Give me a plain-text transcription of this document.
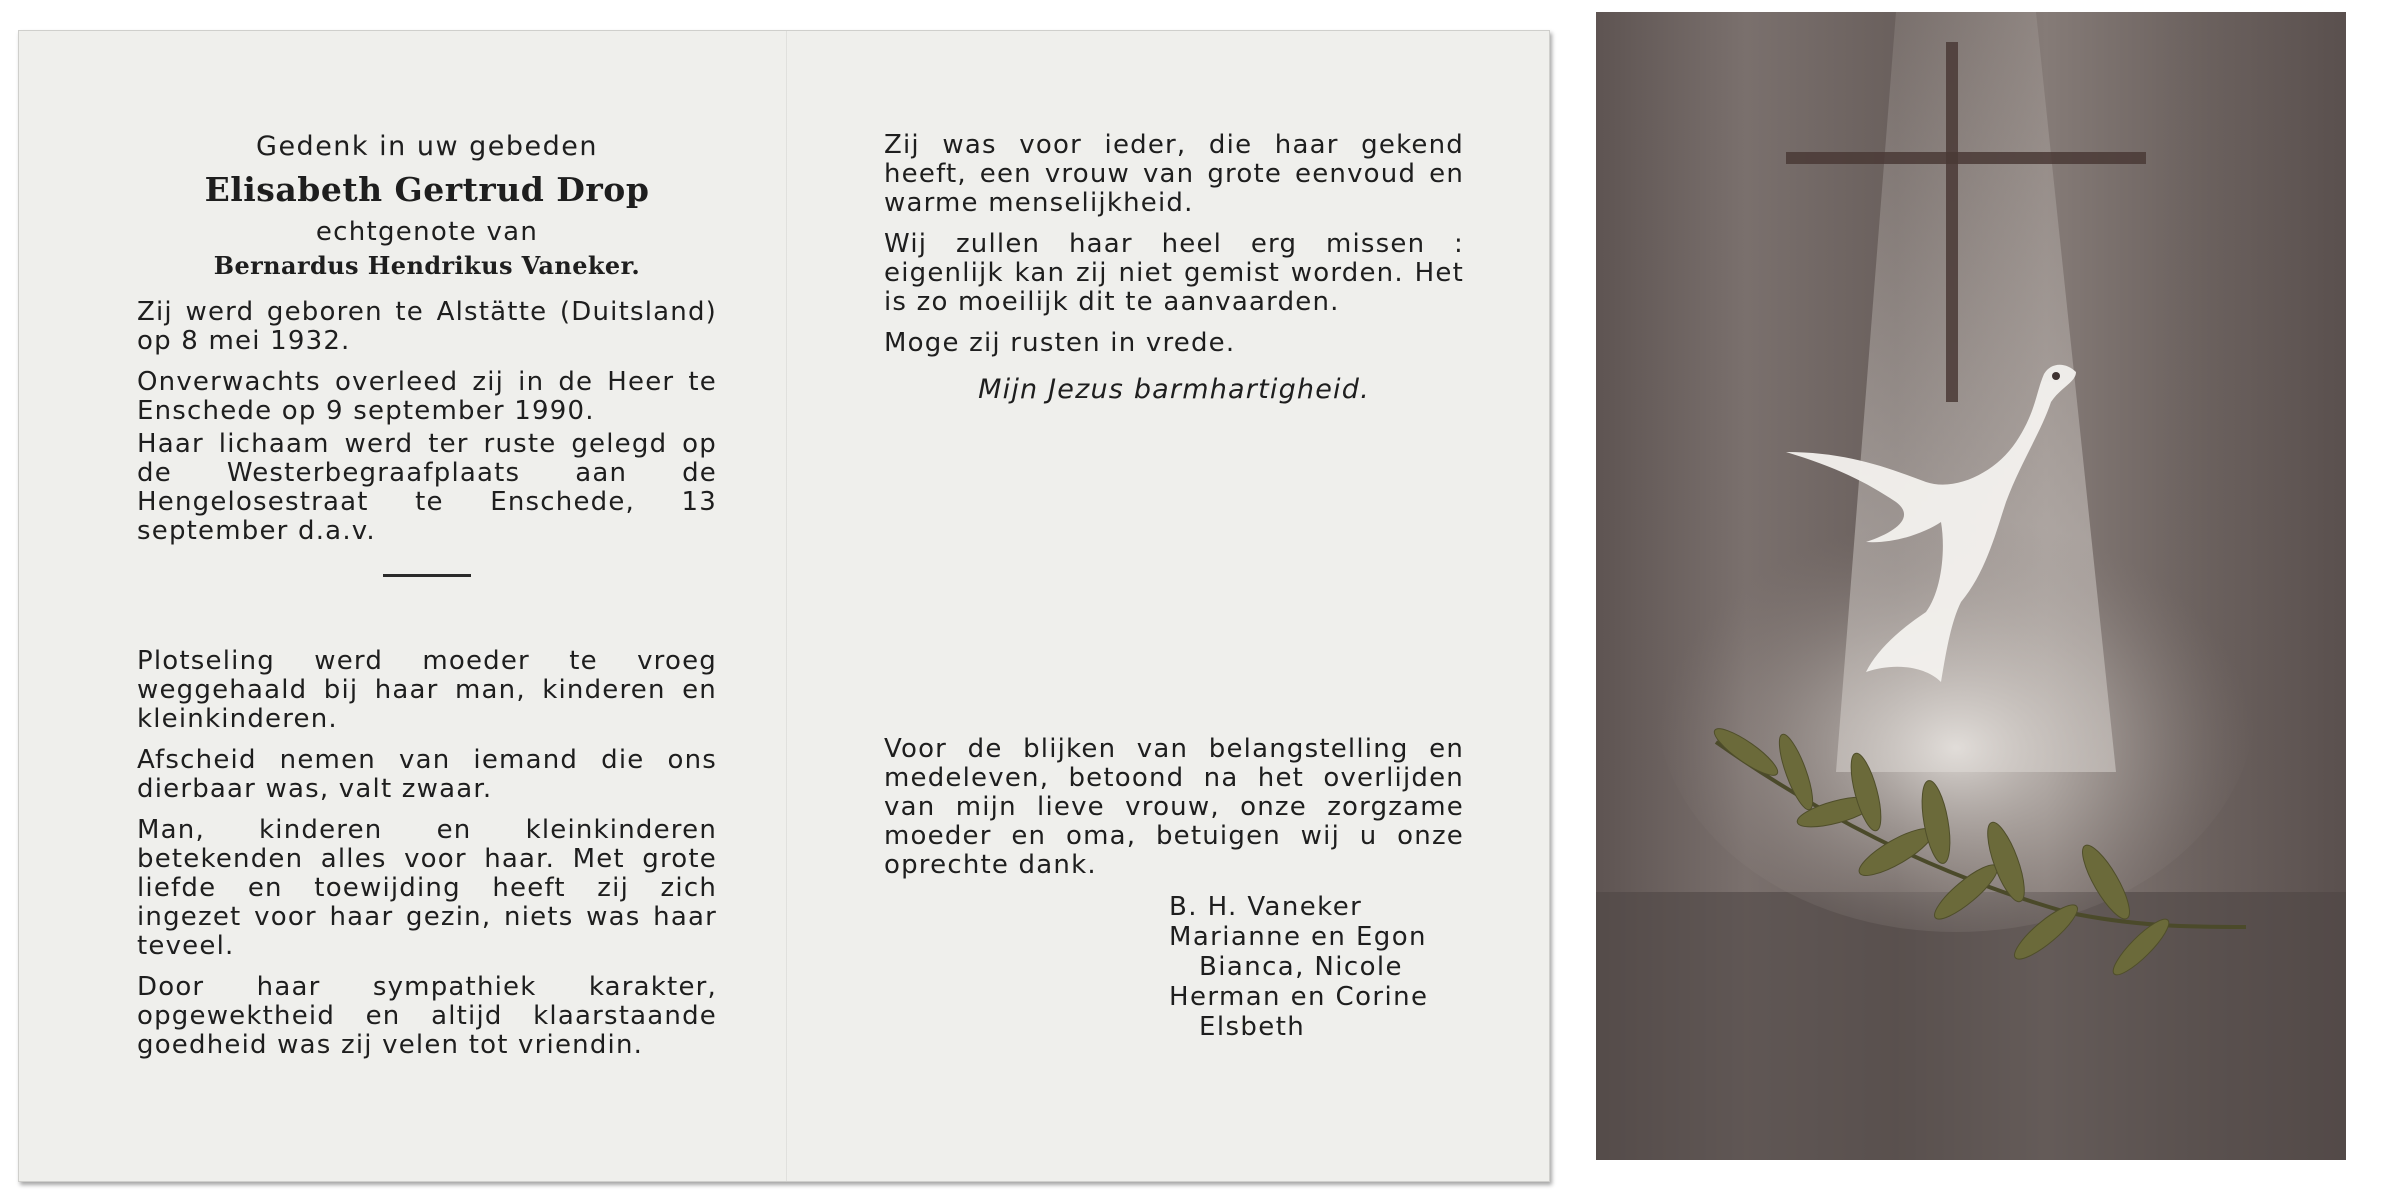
Gedenk in uw gebeden
Elisabeth Gertrud Drop
echtgenote van
Bernardus Hendrikus Vaneker.

Zij werd geboren te Alstätte (Duitsland) op 8 mei 1932.

Onverwachts overleed zij in de Heer te Enschede op 9 september 1990.

Haar lichaam werd ter ruste gelegd op de Westerbegraafplaats aan de Hengelosestraat te Enschede, 13 september d.a.v.

Plotseling werd moeder te vroeg weggehaald bij haar man, kinderen en kleinkinderen.

Afscheid nemen van iemand die ons dierbaar was, valt zwaar.

Man, kinderen en kleinkinderen betekenden alles voor haar. Met grote liefde en toewijding heeft zij zich ingezet voor haar gezin, niets was haar teveel.

Door haar sympathiek karakter, opgewektheid en altijd klaarstaande goedheid was zij velen tot vriendin.

Zij was voor ieder, die haar gekend heeft, een vrouw van grote eenvoud en warme menselijkheid.

Wij zullen haar heel erg missen : eigenlijk kan zij niet gemist worden. Het is zo moeilijk dit te aanvaarden.

Moge zij rusten in vrede.

Mijn Jezus barmhartigheid.

Voor de blijken van belangstelling en medeleven, betoond na het overlijden van mijn lieve vrouw, onze zorgzame moeder en oma, betuigen wij u onze oprechte dank.

B. H. Vaneker
Marianne en Egon
Bianca, Nicole
Herman en Corine
Elsbeth
